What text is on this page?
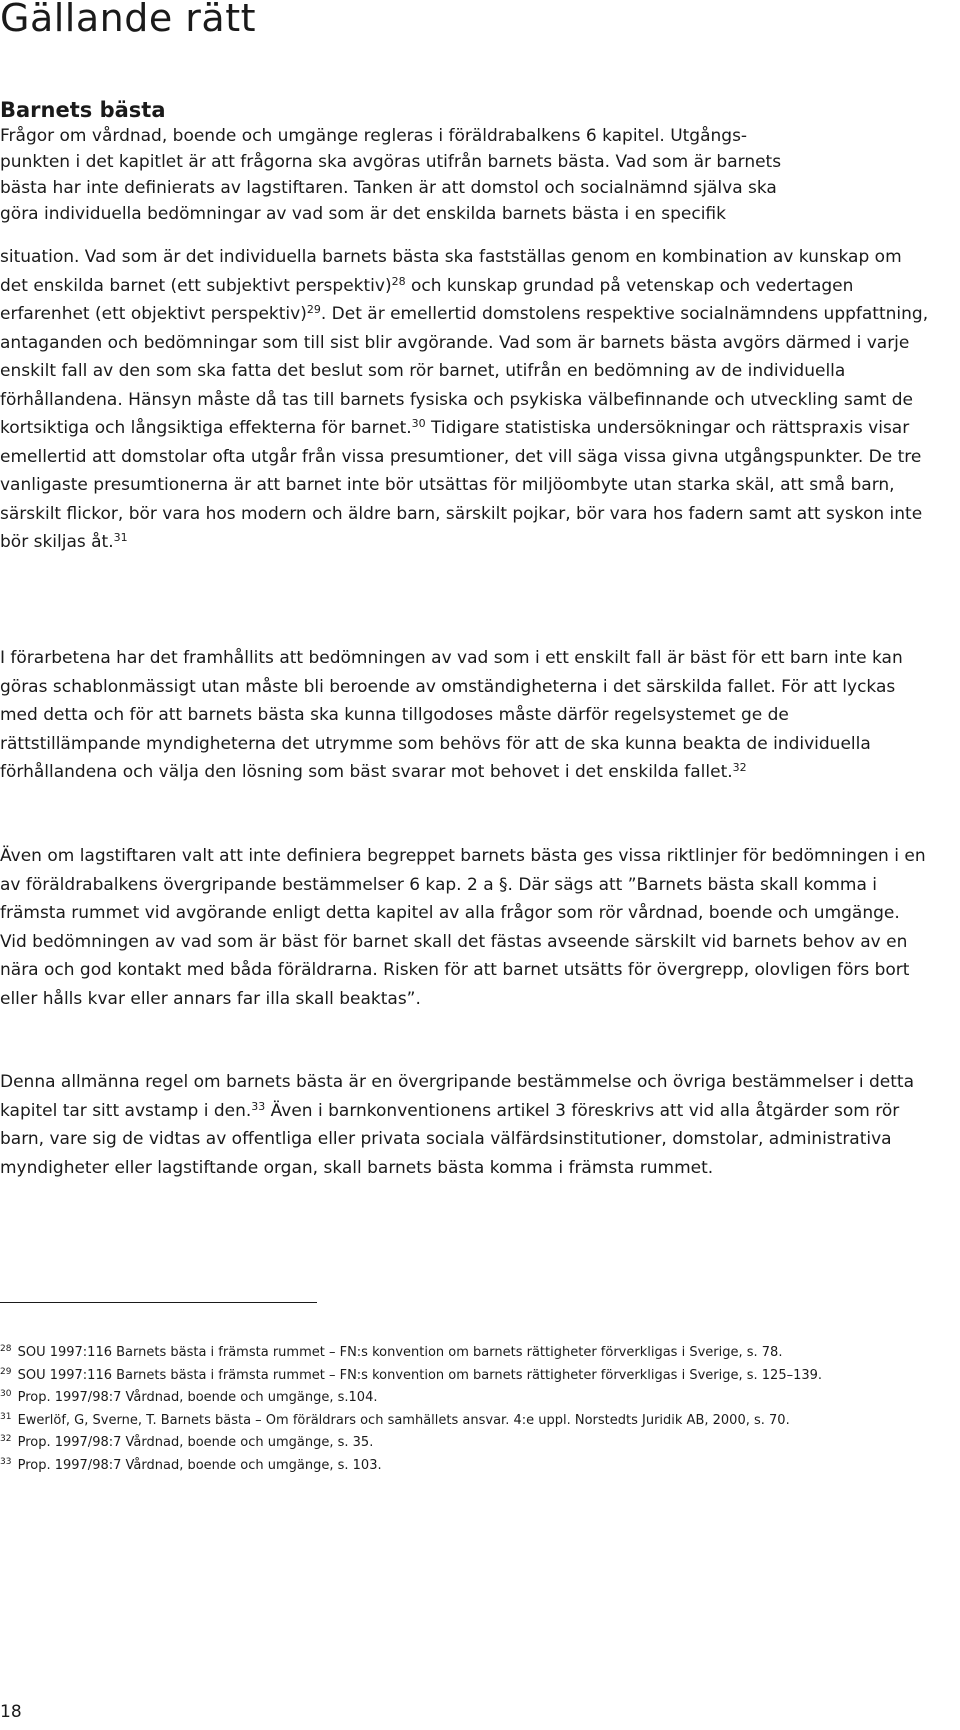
Gällande rätt
Barnets bästa

Frågor om vårdnad, boende och umgänge regleras i föräldrabalkens 6 kapitel. Utgångs-
punkten i det kapitlet är att frågorna ska avgöras utifrån barnets bästa. Vad som är barnets
bästa har inte definierats av lagstiftaren. Tanken är att domstol och socialnämnd själva ska
göra individuella bedömningar av vad som är det enskilda barnets bästa i en specifik

situation. Vad som är det individuella barnets bästa ska fastställas genom en kombination av kunskap om det enskilda barnet (ett subjektivt perspektiv)$^{28}$ och kunskap grundad på vetenskap och vedertagen erfarenhet (ett objektivt perspektiv)$^{29}$. Det är emellertid domstolens respektive socialnämndens uppfattning, antaganden och bedömningar som till sist blir avgörande. Vad som är barnets bästa avgörs därmed i varje enskilt fall av den som ska fatta det beslut som rör barnet, utifrån en bedömning av de individuella förhållandena. Hänsyn måste då tas till barnets fysiska och psykiska välbefinnande och utveckling samt de kortsiktiga och långsiktiga effekterna för barnet.$^{30}$ Tidigare statistiska undersökningar och rättspraxis visar emellertid att domstolar ofta utgår från vissa presumtioner, det vill säga vissa givna utgångspunkter. De tre vanligaste presumtionerna är att barnet inte bör utsättas för miljöombyte utan starka skäl, att små barn, särskilt flickor, bör vara hos modern och äldre barn, särskilt pojkar, bör vara hos fadern samt att syskon inte bör skiljas åt.$^{31}$

I förarbetena har det framhållits att bedömningen av vad som i ett enskilt fall är bäst för ett barn inte kan göras schablonmässigt utan måste bli beroende av omständigheterna i det särskilda fallet. För att lyckas med detta och för att barnets bästa ska kunna tillgodoses måste därför regelsystemet ge de rättstillämpande myndigheterna det utrymme som behövs för att de ska kunna beakta de individuella förhållandena och välja den lösning som bäst svarar mot behovet i det enskilda fallet.$^{32}$

Även om lagstiftaren valt att inte definiera begreppet barnets bästa ges vissa riktlinjer för bedömningen i en av föräldrabalkens övergripande bestämmelser 6 kap. 2 a §. Där sägs att ”Barnets bästa skall komma i främsta rummet vid avgörande enligt detta kapitel av alla frågor som rör vårdnad, boende och umgänge. Vid bedömningen av vad som är bäst för barnet skall det fästas avseende särskilt vid barnets behov av en nära och god kontakt med båda föräldrarna. Risken för att barnet utsätts för övergrepp, olovligen förs bort eller hålls kvar eller annars far illa skall beaktas”.

Denna allmänna regel om barnets bästa är en övergripande bestämmelse och övriga bestämmelser i detta kapitel tar sitt avstamp i den.$^{33}$ Även i barnkonventionens artikel 3 föreskrivs att vid alla åtgärder som rör barn, vare sig de vidtas av offentliga eller privata sociala välfärdsinstitutioner, domstolar, administrativa myndigheter eller lagstiftande organ, skall barnets bästa komma i främsta rummet.

$^{28}$ SOU 1997:116 Barnets bästa i främsta rummet – FN:s konvention om barnets rättigheter förverkligas i Sverige, s. 78.
$^{29}$ SOU 1997:116 Barnets bästa i främsta rummet – FN:s konvention om barnets rättigheter förverkligas i Sverige, s. 125–139.
$^{30}$ Prop. 1997/98:7 Vårdnad, boende och umgänge, s.104.
$^{31}$ Ewerlöf, G, Sverne, T. Barnets bästa – Om föräldrars och samhällets ansvar. 4:e uppl. Norstedts Juridik AB, 2000, s. 70.
$^{32}$ Prop. 1997/98:7 Vårdnad, boende och umgänge, s. 35.
$^{33}$ Prop. 1997/98:7 Vårdnad, boende och umgänge, s. 103.
18
